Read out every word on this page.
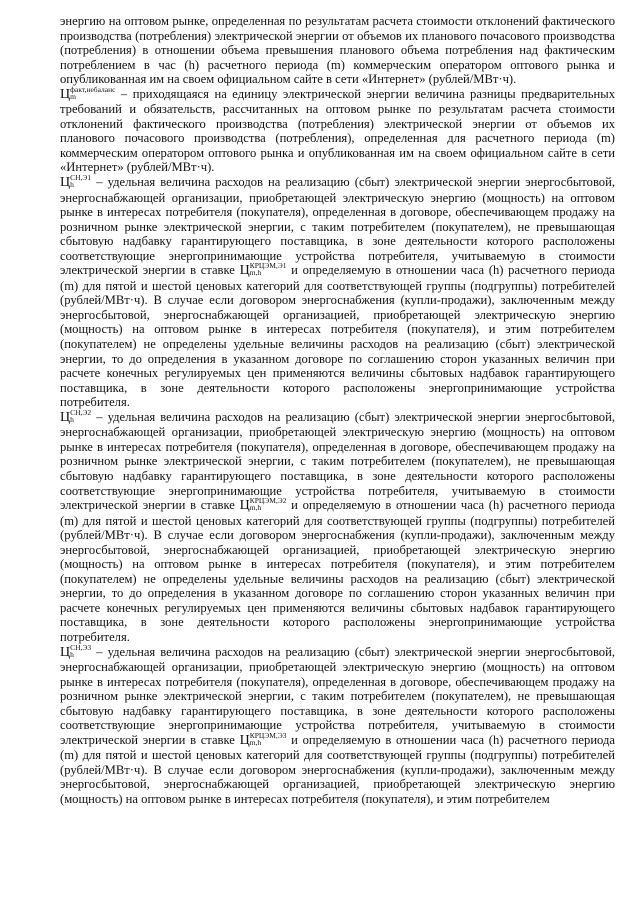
энергию на оптовом рынке, определенная по результатам расчета стоимости отклонений фактического производства (потребления) электрической энергии от объемов их планового почасового производства (потребления) в отношении объема превышения планового объема потребления над фактическим потреблением в час (h) расчетного периода (m) коммерческим оператором оптового рынка и опубликованная им на своем официальном сайте в сети «Интернет» (рублей/МВт·ч).

Ц факт,небаланс
m	– приходящаяся на единицу электрической энергии величина разницы предварительных требований и обязательств, рассчитанных на оптовом рынке по результатам расчета стоимости отклонений фактического производства (потребления) электрической энергии от объемов их планового почасового производства (потребления), определенная для расчетного периода (m) коммерческим оператором оптового рынка и опубликованная им на своем официальном сайте в сети «Интернет» (рублей/МВт·ч).

Ц СН,Э1
h	– удельная величина расходов на реализацию (сбыт) электрической энергии энергосбытовой, энергоснабжающей организации, приобретающей электрическую энергию (мощность) на оптовом рынке в интересах потребителя (покупателя), определенная в договоре, обеспечивающем продажу на розничном рынке электрической энергии, с таким потребителем (покупателем), не превышающая сбытовую надбавку гарантирующего поставщика, в зоне деятельности которого расположены соответствующие энергопринимающие устройства потребителя, учитываемую в стоимости электрической энергии в ставке Ц КРЦЭМ,Э1
m,h	и определяемую в отношении часа (h) расчетного периода (m) для пятой и шестой ценовых категорий для соответствующей группы (подгруппы) потребителей (рублей/МВт·ч). В случае если договором энергоснабжения (купли-продажи), заключенным между энергосбытовой, энергоснабжающей организацией, приобретающей электрическую энергию (мощность) на оптовом рынке в интересах потребителя (покупателя), и этим потребителем (покупателем) не определены удельные величины расходов на реализацию (сбыт) электрической энергии, то до определения в указанном договоре по соглашению сторон указанных величин при расчете конечных регулируемых цен применяются величины сбытовых надбавок гарантирующего поставщика, в зоне деятельности которого расположены энергопринимающие устройства потребителя.

Ц СН,Э2
h	– удельная величина расходов на реализацию (сбыт) электрической энергии энергосбытовой, энергоснабжающей организации, приобретающей электрическую энергию (мощность) на оптовом рынке в интересах потребителя (покупателя), определенная в договоре, обеспечивающем продажу на розничном рынке электрической энергии, с таким потребителем (покупателем), не превышающая сбытовую надбавку гарантирующего поставщика, в зоне деятельности которого расположены соответствующие энергопринимающие устройства потребителя, учитываемую в стоимости электрической энергии в ставке Ц КРЦЭМ,Э2
m,h	и определяемую в отношении часа (h) расчетного периода (m) для пятой и шестой ценовых категорий для соответствующей группы (подгруппы) потребителей (рублей/МВт·ч). В случае если договором энергоснабжения (купли-продажи), заключенным между энергосбытовой, энергоснабжающей организацией, приобретающей электрическую энергию (мощность) на оптовом рынке в интересах потребителя (покупателя), и этим потребителем (покупателем) не определены удельные величины расходов на реализацию (сбыт) электрической энергии, то до определения в указанном договоре по соглашению сторон указанных величин при расчете конечных регулируемых цен применяются величины сбытовых надбавок гарантирующего поставщика, в зоне деятельности которого расположены энергопринимающие устройства потребителя.

Ц СН,Э3
h	– удельная величина расходов на реализацию (сбыт) электрической энергии энергосбытовой, энергоснабжающей организации, приобретающей электрическую энергию (мощность) на оптовом рынке в интересах потребителя (покупателя), определенная в договоре, обеспечивающем продажу на розничном рынке электрической энергии, с таким потребителем (покупателем), не превышающая сбытовую надбавку гарантирующего поставщика, в зоне деятельности которого расположены соответствующие энергопринимающие устройства потребителя, учитываемую в стоимости электрической энергии в ставке Ц КРЦЭМ,Э3
m,h	и определяемую в отношении часа (h) расчетного периода (m) для пятой и шестой ценовых категорий для соответствующей группы (подгруппы) потребителей (рублей/МВт·ч). В случае если договором энергоснабжения (купли-продажи), заключенным между энергосбытовой, энергоснабжающей организацией, приобретающей электрическую энергию (мощность) на оптовом рынке в интересах потребителя (покупателя), и этим потребителем
